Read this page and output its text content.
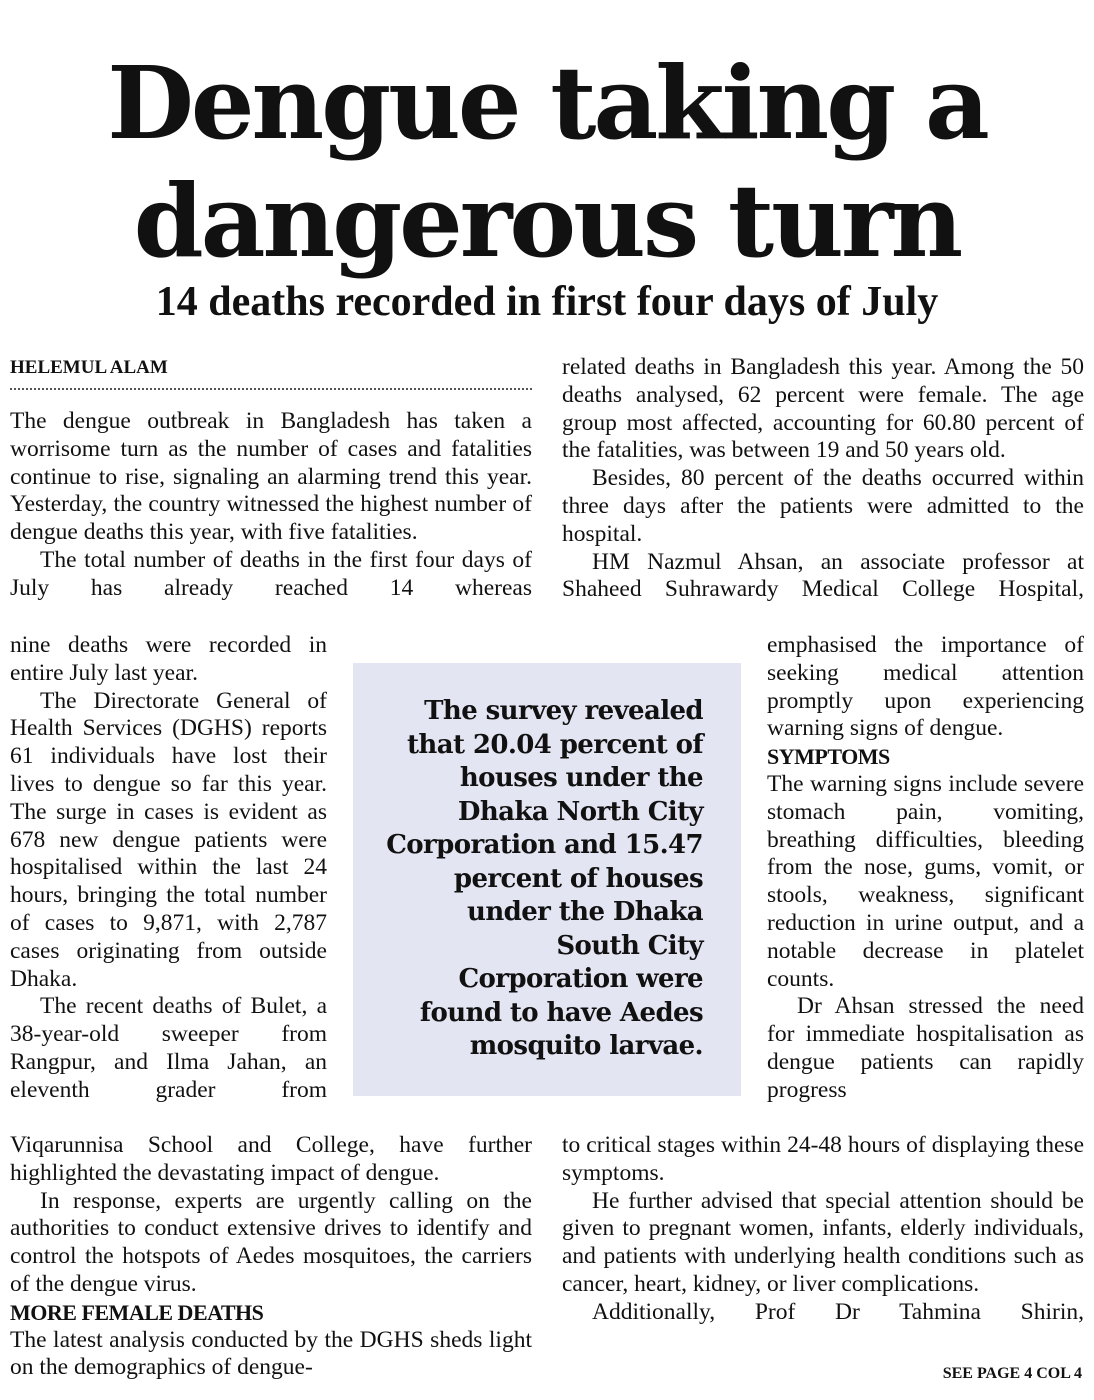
Dengue taking a
dangerous turn
14 deaths recorded in first four days of July
HELEMUL ALAM

The dengue outbreak in Bangladesh has taken a worrisome turn as the number of cases and fatalities continue to rise, signaling an alarming trend this year. Yesterday, the country witnessed the highest number of dengue deaths this year, with five fatalities.

The total number of deaths in the first four days of July has already reached 14 whereas

nine deaths were recorded in entire July last year.

The Directorate General of Health Services (DGHS) reports 61 individuals have lost their lives to dengue so far this year. The surge in cases is evident as 678 new dengue patients were hospitalised within the last 24 hours, bringing the total number of cases to 9,871, with 2,787 cases originating from outside Dhaka.

The recent deaths of Bulet, a 38-year-old sweeper from Rangpur, and Ilma Jahan, an eleventh grader from

Viqarunnisa School and College, have further highlighted the devastating impact of dengue.

In response, experts are urgently calling on the authorities to conduct extensive drives to identify and control the hotspots of Aedes mosquitoes, the carriers of the dengue virus.

MORE FEMALE DEATHS

The latest analysis conducted by the DGHS sheds light on the demographics of dengue-

related deaths in Bangladesh this year. Among the 50 deaths analysed, 62 percent were female. The age group most affected, accounting for 60.80 percent of the fatalities, was between 19 and 50 years old.

Besides, 80 percent of the deaths occurred within three days after the patients were admitted to the hospital.

HM Nazmul Ahsan, an associate professor at Shaheed Suhrawardy Medical College Hospital,

emphasised the importance of seeking medical attention promptly upon experiencing warning signs of dengue.

SYMPTOMS

The warning signs include severe stomach pain, vomiting, breathing difficulties, bleeding from the nose, gums, vomit, or stools, weakness, significant reduction in urine output, and a notable decrease in platelet counts.

Dr Ahsan stressed the need for immediate hospitalisation as dengue patients can rapidly progress

to critical stages within 24-48 hours of displaying these symptoms.

He further advised that special attention should be given to pregnant women, infants, elderly individuals, and patients with underlying health conditions such as cancer, heart, kidney, or liver complications.

Additionally, Prof Dr Tahmina Shirin,

The survey revealed that 20.04 percent of houses under the Dhaka North City Corporation and 15.47 percent of houses under the Dhaka South City Corporation were found to have Aedes mosquito larvae.

SEE PAGE 4 COL 4
